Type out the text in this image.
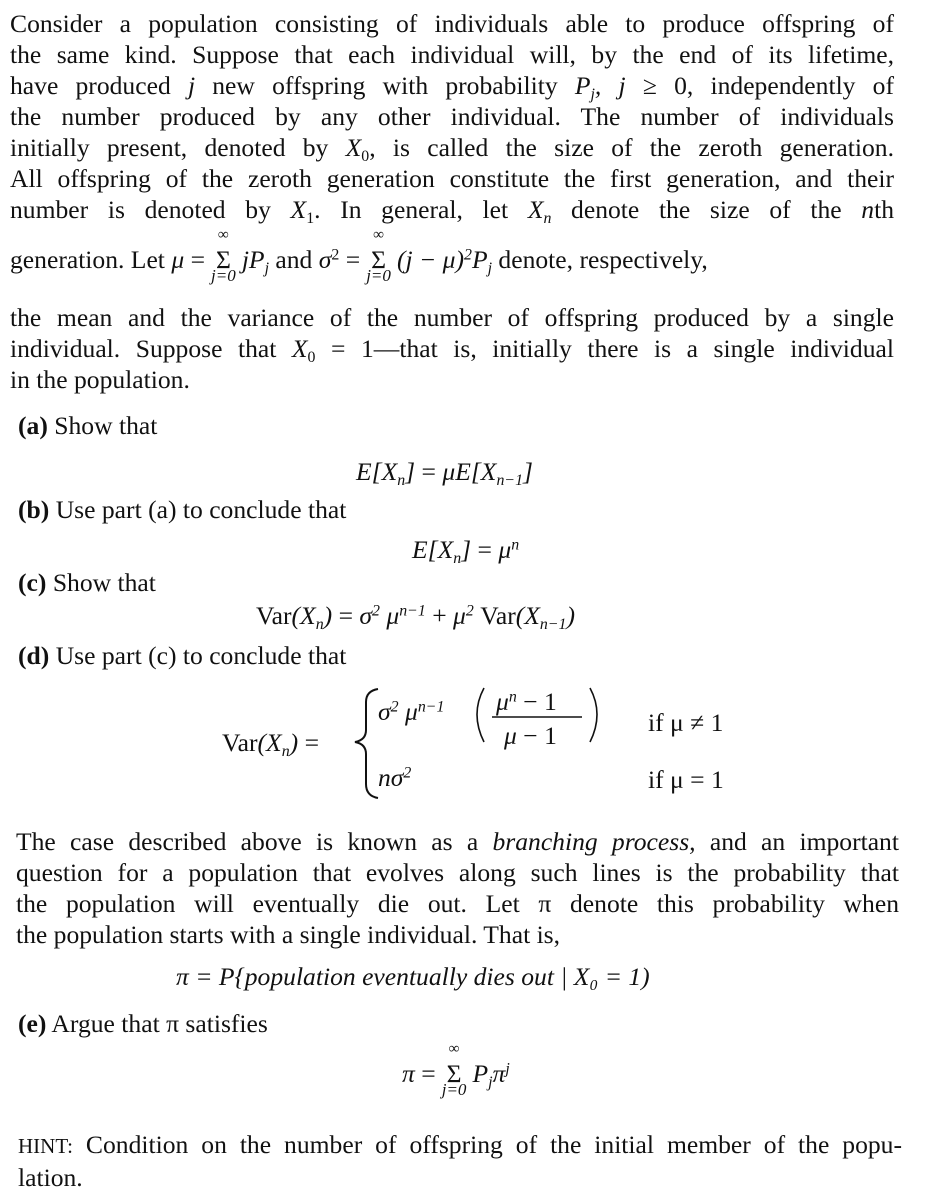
Consider a population consisting of individuals able to produce offspring of
the same kind. Suppose that each individual will, by the end of its lifetime,
have produced j new offspring with probability $P_j$, j ≥ 0, independently of
the number produced by any other individual. The number of individuals
initially present, denoted by $X_0$, is called the size of the zeroth generation.
All offspring of the zeroth generation constitute the first generation, and their
number is denoted by $X_1$. In general, let $X_n$ denote the size of the nth
generation. Let μ =
∞
Σ
j=0
$jP_j$ and $\sigma^2$ =
∞
Σ
j=0
$(j - \mu)^2P_j$ denote, respectively,
the mean and the variance of the number of offspring produced by a single
individual. Suppose that $X_0$ = 1—that is, initially there is a single individual
in the population.
(a) Show that
$E[X_n] = \mu E[X_{n-1}]$
(b) Use part (a) to conclude that
$E[X_n] = \mu^n$
(c) Show that
$Var(X_n) = \sigma^2$ $\mu^{n-1} + \mu^2$ $Var(X_{n-1})$
(d) Use part (c) to conclude that
$Var(X_n)$ =
$\sigma^2$ $\mu^{n-1}$ $\mu^n - 1$
μ − 1
$n\sigma^2$
if μ ≠ 1
if μ = 1
The case described above is known as a branching process, and an important
question for a population that evolves along such lines is the probability that
the population will eventually die out. Let π denote this probability when
the population starts with a single individual. That is,
π = P{population eventually dies out | X₀ = 1)
(e) Argue that π satisfies
π =
∞
Σ
j=0
$P_j\pi^j$
HINT: Condition on the number of offspring of the initial member of the popu-
lation.
